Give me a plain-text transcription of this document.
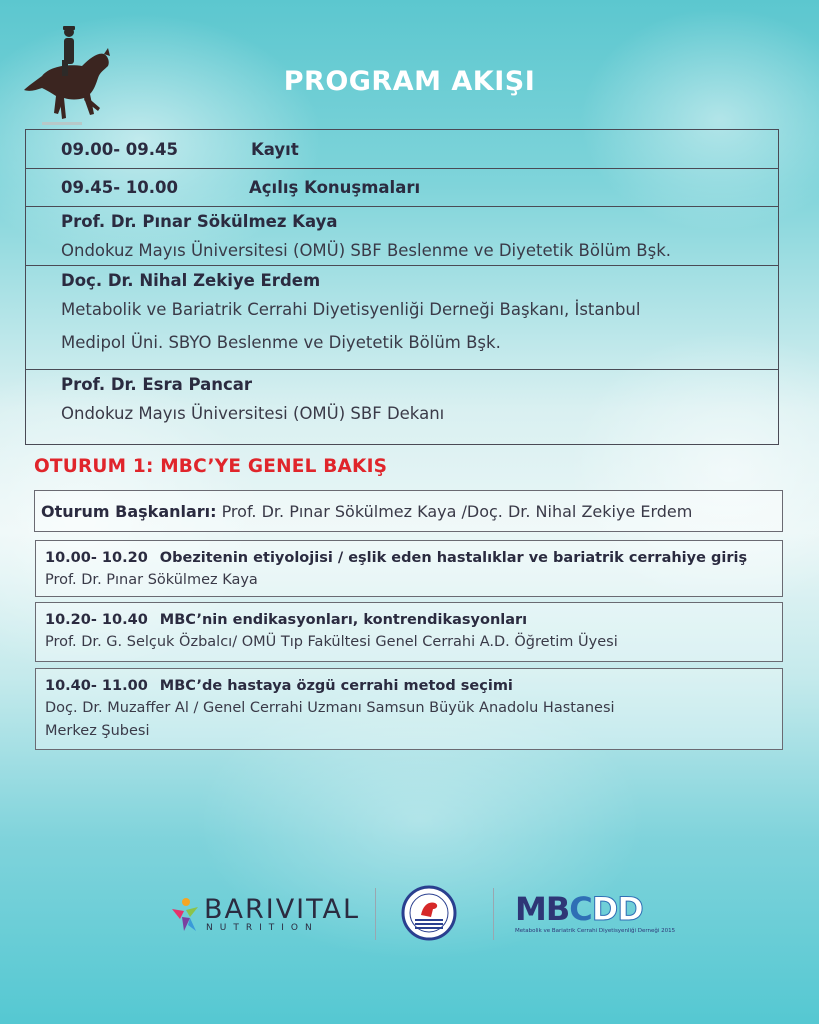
PROGRAM AKIŞI
09.00- 09.45	Kayıt
09.45- 10.00	Açılış Konuşmaları
Prof. Dr. Pınar Sökülmez Kaya
Ondokuz Mayıs Üniversitesi (OMÜ) SBF Beslenme ve Diyetetik Bölüm Bşk.
Doç. Dr. Nihal Zekiye Erdem
Metabolik ve Bariatrik Cerrahi Diyetisyenliği Derneği Başkanı, İstanbul
Medipol Üni. SBYO Beslenme ve Diyetetik Bölüm Bşk.
Prof. Dr. Esra Pancar
Ondokuz Mayıs Üniversitesi (OMÜ) SBF Dekanı
OTURUM 1: MBC’YE GENEL BAKIŞ
Oturum Başkanları: Prof. Dr. Pınar Sökülmez Kaya /Doç. Dr. Nihal Zekiye Erdem
10.00- 10.20 Obezitenin etiyolojisi / eşlik eden hastalıklar ve bariatrik cerrahiye giriş
Prof. Dr. Pınar Sökülmez Kaya
10.20- 10.40 MBC’nin endikasyonları, kontrendikasyonları
Prof. Dr. G. Selçuk Özbalcı/ OMÜ Tıp Fakültesi Genel Cerrahi A.D. Öğretim Üyesi
10.40- 11.00 MBC’de hastaya özgü cerrahi metod seçimi
Doç. Dr. Muzaffer Al / Genel Cerrahi Uzmanı Samsun Büyük Anadolu Hastanesi
Merkez Şubesi
BARIVITAL
NUTRITION	MBCDD
Metabolik ve Bariatrik Cerrahi Diyetisyenliği Derneği 2015
